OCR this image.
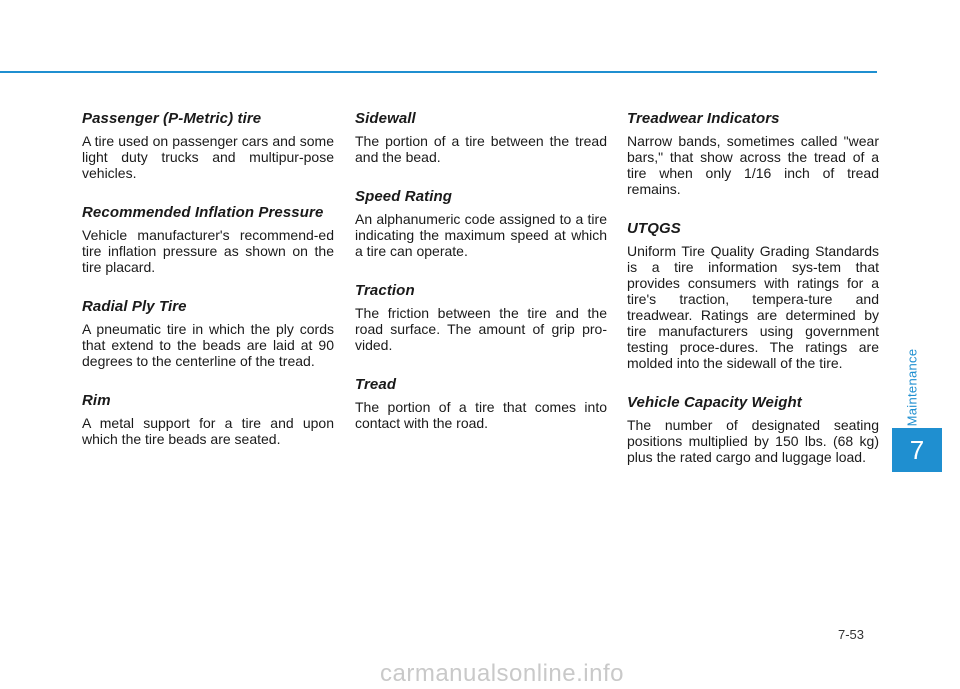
Passenger (P-Metric) tire

A tire used on passenger cars and some light duty trucks and multipur-pose vehicles.

Recommended Inflation Pressure

Vehicle manufacturer's recommend-ed tire inflation pressure as shown on the tire placard.

Radial Ply Tire

A pneumatic tire in which the ply cords that extend to the beads are laid at 90 degrees to the centerline of the tread.

Rim

A metal support for a tire and upon which the tire beads are seated.

Sidewall

The portion of a tire between the tread and the bead.

Speed Rating

An alphanumeric code assigned to a tire indicating the maximum speed at which a tire can operate.

Traction

The friction between the tire and the road surface. The amount of grip pro-vided.

Tread

The portion of a tire that comes into contact with the road.

Treadwear Indicators

Narrow bands, sometimes called "wear bars," that show across the tread of a tire when only 1/16 inch of tread remains.

UTQGS

Uniform Tire Quality Grading Standards is a tire information sys-tem that provides consumers with ratings for a tire's traction, tempera-ture and treadwear. Ratings are determined by tire manufacturers using government testing proce-dures. The ratings are molded into the sidewall of the tire.

Vehicle Capacity Weight

The number of designated seating positions multiplied by 150 lbs. (68 kg) plus the rated cargo and luggage load.

Maintenance
7
7-53
carmanualsonline.info
